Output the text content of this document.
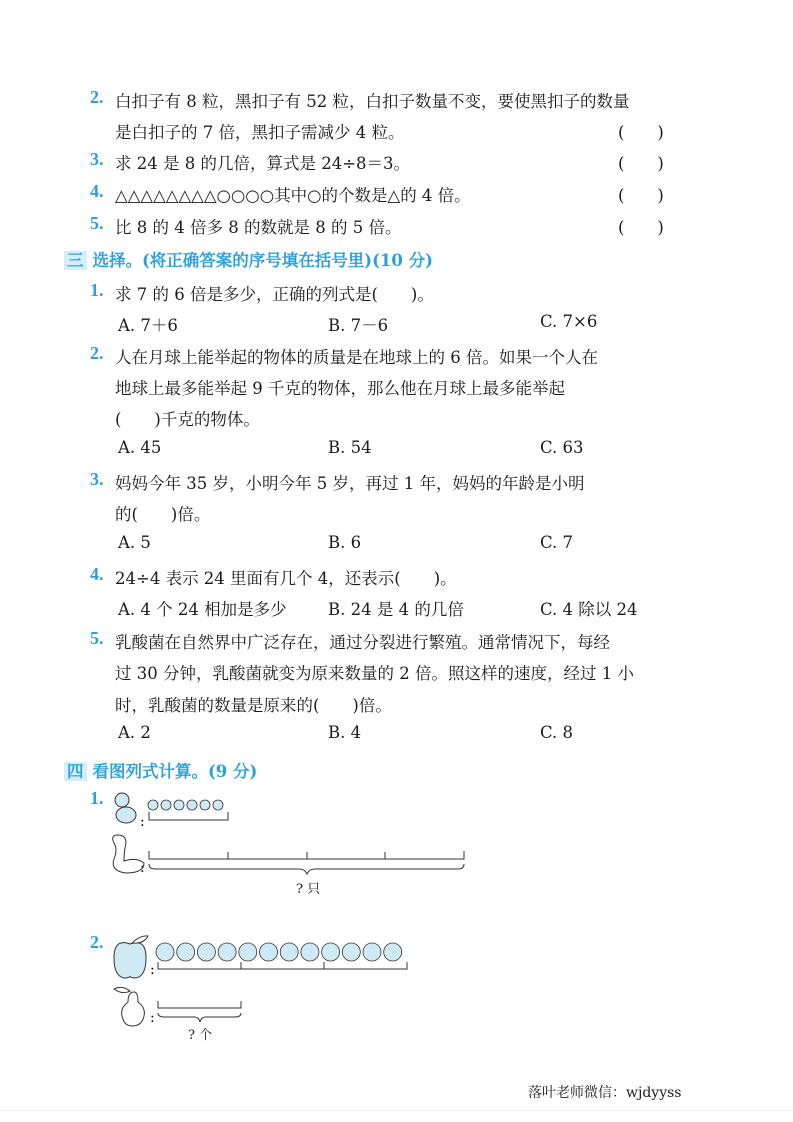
2. 白扣子有 8 粒，黑扣子有 52 粒，白扣子数量不变，要使黑扣子的数量
是白扣子的 7 倍，黑扣子需减少 4 粒。	(　　)
3. 求 24 是 8 的几倍，算式是 24÷8＝3。	(　　)
4. △△△△△△△△○○○○其中○的个数是△的 4 倍。	(　　)
5. 比 8 的 4 倍多 8 的数就是 8 的 5 倍。	(　　)
三 选择。(将正确答案的序号填在括号里)(10 分)
1. 求 7 的 6 倍是多少，正确的列式是(　　)。
A. 7＋6	B. 7－6	C. 7×6
2. 人在月球上能举起的物体的质量是在地球上的 6 倍。如果一个人在
地球上最多能举起 9 千克的物体，那么他在月球上最多能举起
(　　)千克的物体。
A. 45	B. 54	C. 63
3. 妈妈今年 35 岁，小明今年 5 岁，再过 1 年，妈妈的年龄是小明
的(　　)倍。
A. 5	B. 6	C. 7
4. 24÷4 表示 24 里面有几个 4，还表示(　　)。
A. 4 个 24 相加是多少	B. 24 是 4 的几倍	C. 4 除以 24
5. 乳酸菌在自然界中广泛存在，通过分裂进行繁殖。通常情况下，每经
过 30 分钟，乳酸菌就变为原来数量的 2 倍。照这样的速度，经过 1 小
时，乳酸菌的数量是原来的(　　)倍。
A. 2	B. 4	C. 8
四 看图列式计算。(9 分)
1.
2.
:
:
:
:
? 只
? 个
落叶老师微信：wjdyyss
